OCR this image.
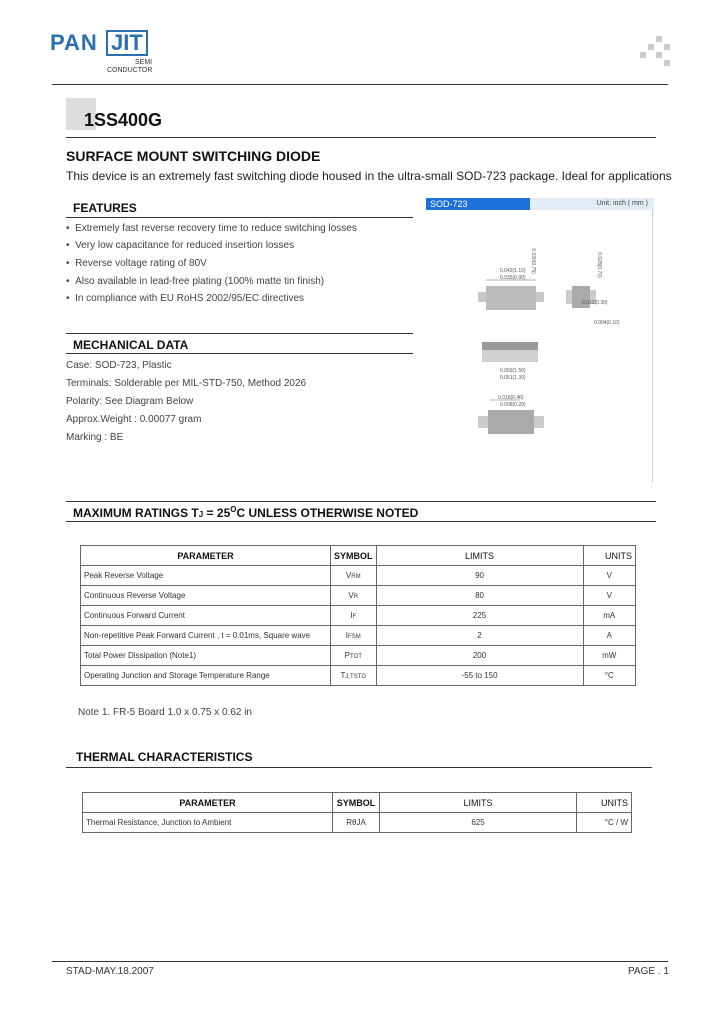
PAN JIT
SEMI
CONDUCTOR
1SS400G
SURFACE MOUNT SWITCHING DIODE
This device is an extremely fast switching diode housed in the ultra-small SOD-723 package. Ideal for applications
FEATURES
•  Extremely fast reverse recovery time to reduce switching losses
•  Very low capacitance for reduced insertion losses
•  Reverse voltage rating of 80V
•  Also available in lead-free plating (100% matte tin finish)
•  In compliance with EU RoHS 2002/95/EC directives
MECHANICAL DATA
Case: SOD-723, Plastic
Terminals: Solderable per MIL-STD-750, Method 2026
Polarity: See Diagram Below
Approx.Weight : 0.00077 gram
Marking : BE
SOD-723	Unit: inch ( mm )
0.043(1.10)
0.035(0.90)
0.030(0.75)
0.012(0.30)
0.004(0.10)
0.028(0.70)
0.059(1.50)
0.051(1.30)
0.016(0.40)
0.008(0.20)
MAXIMUM RATINGS TJ = $25^OC$ UNLESS OTHERWISE NOTED
PARAMETER	SYMBOL	LIMITS	UNITS
Peak Reverse Voltage	VRM	90	V
Continuous Reverse Voltage	VR	80	V
Continuous Forward Current	IF	225	mA
Non-repetitive Peak Forward Current , t = 0.01ms, Square wave	IFSM	2	A
Total Power Dissipation (Note1)	PTOT	200	mW
Operating Junction and Storage Temperature Range	TJ,TSTG	-55 to 150	°C
Note 1. FR-5 Board 1.0 x 0.75 x 0.62 in
THERMAL CHARACTERISTICS
PARAMETER	SYMBOL	LIMITS	UNITS
Thermal Resistance, Junction to Ambient	RθJA	625	°C / W
STAD-MAY.18.2007	PAGE . 1
